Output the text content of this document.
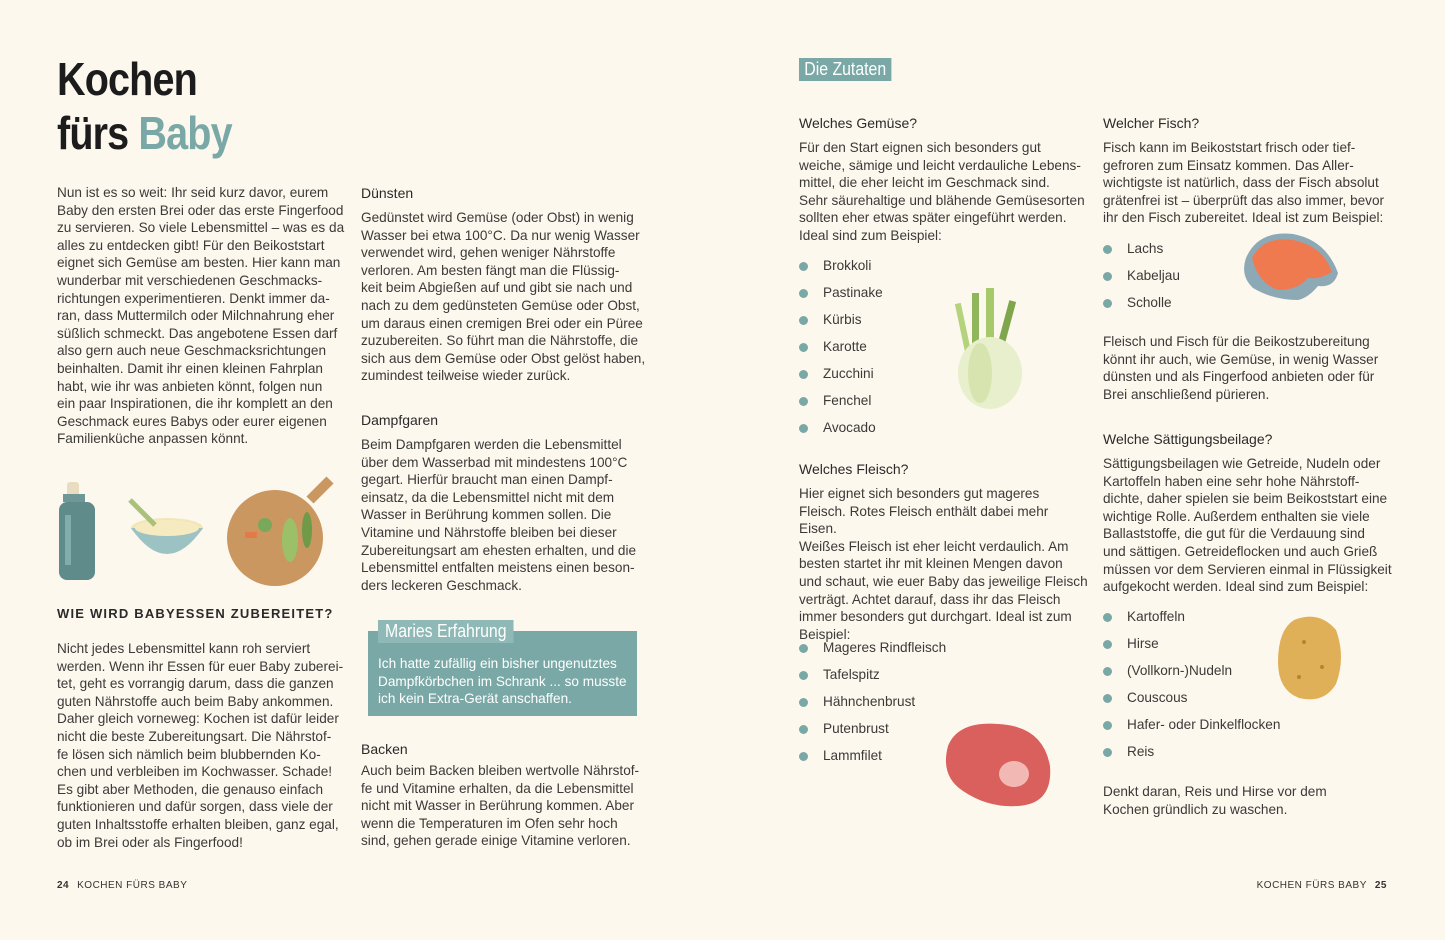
Kochen
fürs Baby
Nun ist es so weit: Ihr seid kurz davor, eurem
Baby den ersten Brei oder das erste Fingerfood
zu servieren. So viele Lebensmittel – was es da
alles zu entdecken gibt! Für den Beikoststart
eignet sich Gemüse am besten. Hier kann man
wunderbar mit verschiedenen Geschmacks-
richtungen experimentieren. Denkt immer da-
ran, dass Muttermilch oder Milchnahrung eher
süßlich schmeckt. Das angebotene Essen darf
also gern auch neue Geschmacksrichtungen
beinhalten. Damit ihr einen kleinen Fahrplan
habt, wie ihr was anbieten könnt, folgen nun
ein paar Inspirationen, die ihr komplett an den
Geschmack eures Babys oder eurer eigenen
Familienküche anpassen könnt.
WIE WIRD BABYESSEN ZUBEREITET?
Nicht jedes Lebensmittel kann roh serviert
werden. Wenn ihr Essen für euer Baby zuberei-
tet, geht es vorrangig darum, dass die ganzen
guten Nährstoffe auch beim Baby ankommen.
Daher gleich vorneweg: Kochen ist dafür leider
nicht die beste Zubereitungsart. Die Nährstof-
fe lösen sich nämlich beim blubbernden Ko-
chen und verbleiben im Kochwasser. Schade!
Es gibt aber Methoden, die genauso einfach
funktionieren und dafür sorgen, dass viele der
guten Inhaltsstoffe erhalten bleiben, ganz egal,
ob im Brei oder als Fingerfood!
Dünsten
Gedünstet wird Gemüse (oder Obst) in wenig
Wasser bei etwa 100°C. Da nur wenig Wasser
verwendet wird, gehen weniger Nährstoffe
verloren. Am besten fängt man die Flüssig-
keit beim Abgießen auf und gibt sie nach und
nach zu dem gedünsteten Gemüse oder Obst,
um daraus einen cremigen Brei oder ein Püree
zuzubereiten. So führt man die Nährstoffe, die
sich aus dem Gemüse oder Obst gelöst haben,
zumindest teilweise wieder zurück.
Dampfgaren
Beim Dampfgaren werden die Lebensmittel
über dem Wasserbad mit mindestens 100°C
gegart. Hierfür braucht man einen Dampf-
einsatz, da die Lebensmittel nicht mit dem
Wasser in Berührung kommen sollen. Die
Vitamine und Nährstoffe bleiben bei dieser
Zubereitungsart am ehesten erhalten, und die
Lebensmittel entfalten meistens einen beson-
ders leckeren Geschmack.
Maries Erfahrung
Ich hatte zufällig ein bisher ungenutztes
Dampfkörbchen im Schrank ... so musste
ich kein Extra-Gerät anschaffen.
Backen
Auch beim Backen bleiben wertvolle Nährstof-
fe und Vitamine erhalten, da die Lebensmittel
nicht mit Wasser in Berührung kommen. Aber
wenn die Temperaturen im Ofen sehr hoch
sind, gehen gerade einige Vitamine verloren.
24 KOCHEN FÜRS BABY
Die Zutaten
Welches Gemüse?
Für den Start eignen sich besonders gut
weiche, sämige und leicht verdauliche Lebens-
mittel, die eher leicht im Geschmack sind.
Sehr säurehaltige und blähende Gemüsesorten
sollten eher etwas später eingeführt werden.
Ideal sind zum Beispiel:
Brokkoli
Pastinake
Kürbis
Karotte
Zucchini
Fenchel
Avocado
Welches Fleisch?
Hier eignet sich besonders gut mageres
Fleisch. Rotes Fleisch enthält dabei mehr Eisen.
Weißes Fleisch ist eher leicht verdaulich. Am
besten startet ihr mit kleinen Mengen davon
und schaut, wie euer Baby das jeweilige Fleisch
verträgt. Achtet darauf, dass ihr das Fleisch
immer besonders gut durchgart. Ideal ist zum
Beispiel:
Mageres Rindfleisch
Tafelspitz
Hähnchenbrust
Putenbrust
Lammfilet
Welcher Fisch?
Fisch kann im Beikoststart frisch oder tief-
gefroren zum Einsatz kommen. Das Aller-
wichtigste ist natürlich, dass der Fisch absolut
grätenfrei ist – überprüft das also immer, bevor
ihr den Fisch zubereitet. Ideal ist zum Beispiel:
Lachs
Kabeljau
Scholle
Fleisch und Fisch für die Beikostzubereitung
könnt ihr auch, wie Gemüse, in wenig Wasser
dünsten und als Fingerfood anbieten oder für
Brei anschließend pürieren.
Welche Sättigungsbeilage?
Sättigungsbeilagen wie Getreide, Nudeln oder
Kartoffeln haben eine sehr hohe Nährstoff-
dichte, daher spielen sie beim Beikoststart eine
wichtige Rolle. Außerdem enthalten sie viele
Ballaststoffe, die gut für die Verdauung sind
und sättigen. Getreideflocken und auch Grieß
müssen vor dem Servieren einmal in Flüssigkeit
aufgekocht werden. Ideal sind zum Beispiel:
Kartoffeln
Hirse
(Vollkorn-)Nudeln
Couscous
Hafer- oder Dinkelflocken
Reis
Denkt daran, Reis und Hirse vor dem
Kochen gründlich zu waschen.
KOCHEN FÜRS BABY 25
